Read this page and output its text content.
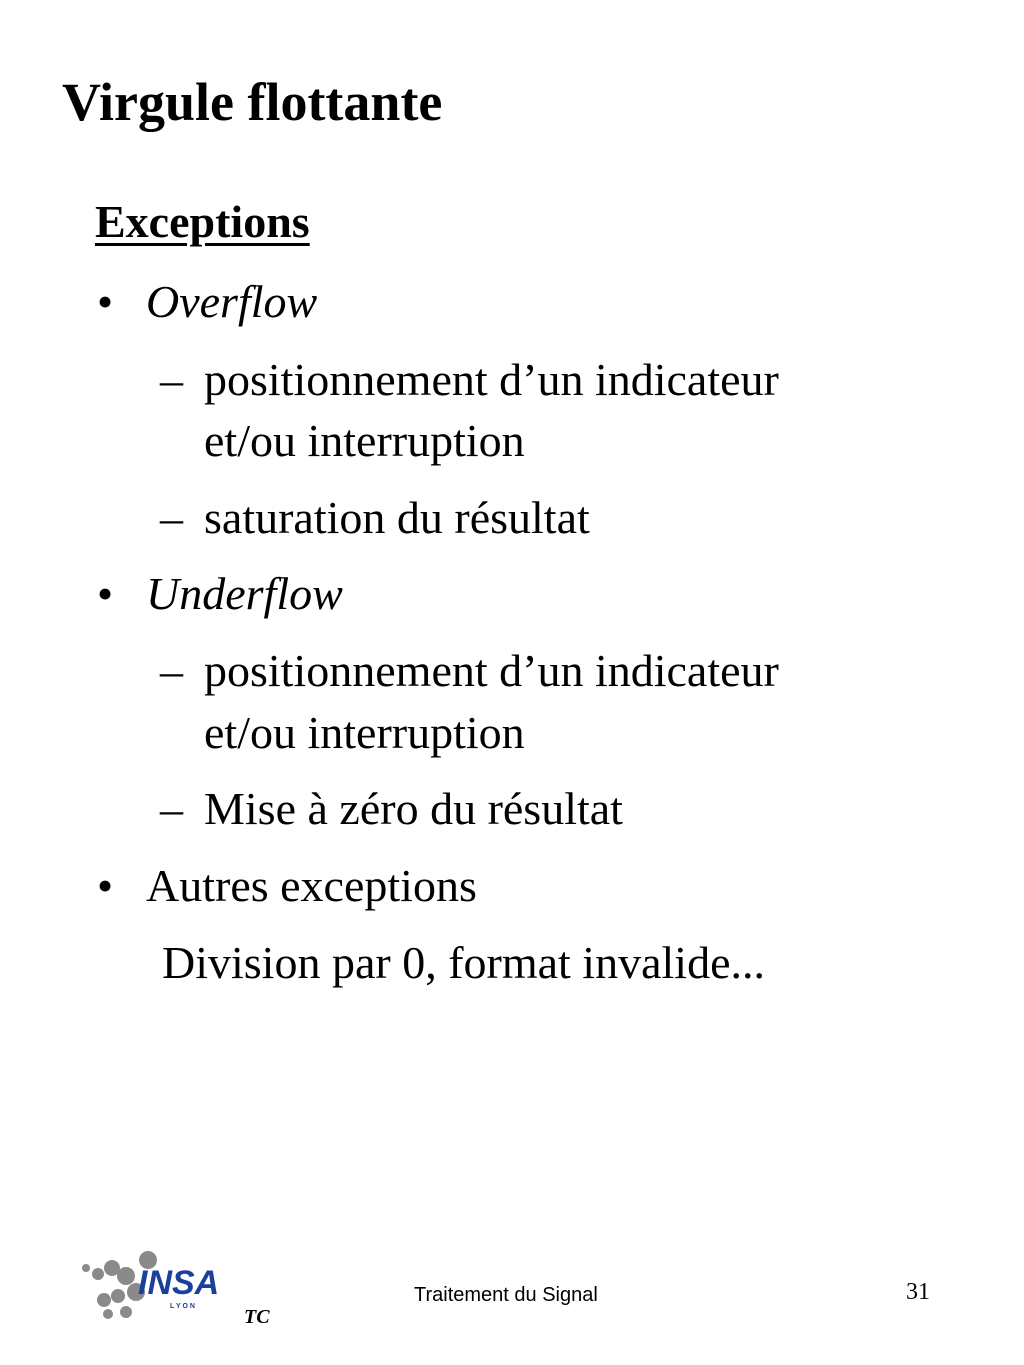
Virgule flottante
Exceptions
• Overflow
– positionnement d’un indicateur
et/ou interruption
– saturation du résultat
• Underflow
– positionnement d’un indicateur
et/ou interruption
– Mise à zéro du résultat
• Autres exceptions
Division par 0, format invalide...
INSA
L Y O N TC
Traitement du Signal	31
